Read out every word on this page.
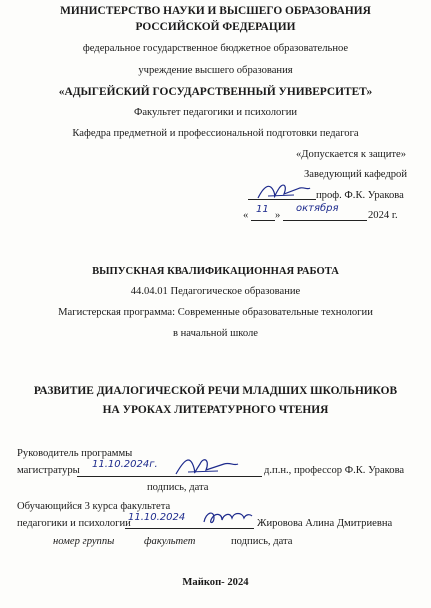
МИНИСТЕРСТВО НАУКИ И ВЫСШЕГО ОБРАЗОВАНИЯ
РОССИЙСКОЙ ФЕДЕРАЦИИ
федеральное государственное бюджетное образовательное
учреждение высшего образования
«АДЫГЕЙСКИЙ ГОСУДАРСТВЕННЫЙ УНИВЕРСИТЕТ»
Факультет педагогики и психологии
Кафедра предметной и профессиональной подготовки педагога
«Допускается к защите»
Заведующий кафедрой
проф. Ф.К. Уракова
«
11
»
октября
2024 г.
ВЫПУСКНАЯ КВАЛИФИКАЦИОННАЯ РАБОТА
44.04.01 Педагогическое образование
Магистерская программа: Современные образовательные технологии
в начальной школе
РАЗВИТИЕ ДИАЛОГИЧЕСКОЙ РЕЧИ МЛАДШИХ ШКОЛЬНИКОВ
НА УРОКАХ ЛИТЕРАТУРНОГО ЧТЕНИЯ
Руководитель программы
магистратуры
11.10.2024г.
д.п.н., профессор Ф.К. Уракова
подпись, дата
Обучающийся 3 курса факультета
педагогики и психологии
11.10.2024
Жировова Алина Дмитриевна
номер группы	факультет	подпись, дата
Майкоп- 2024
